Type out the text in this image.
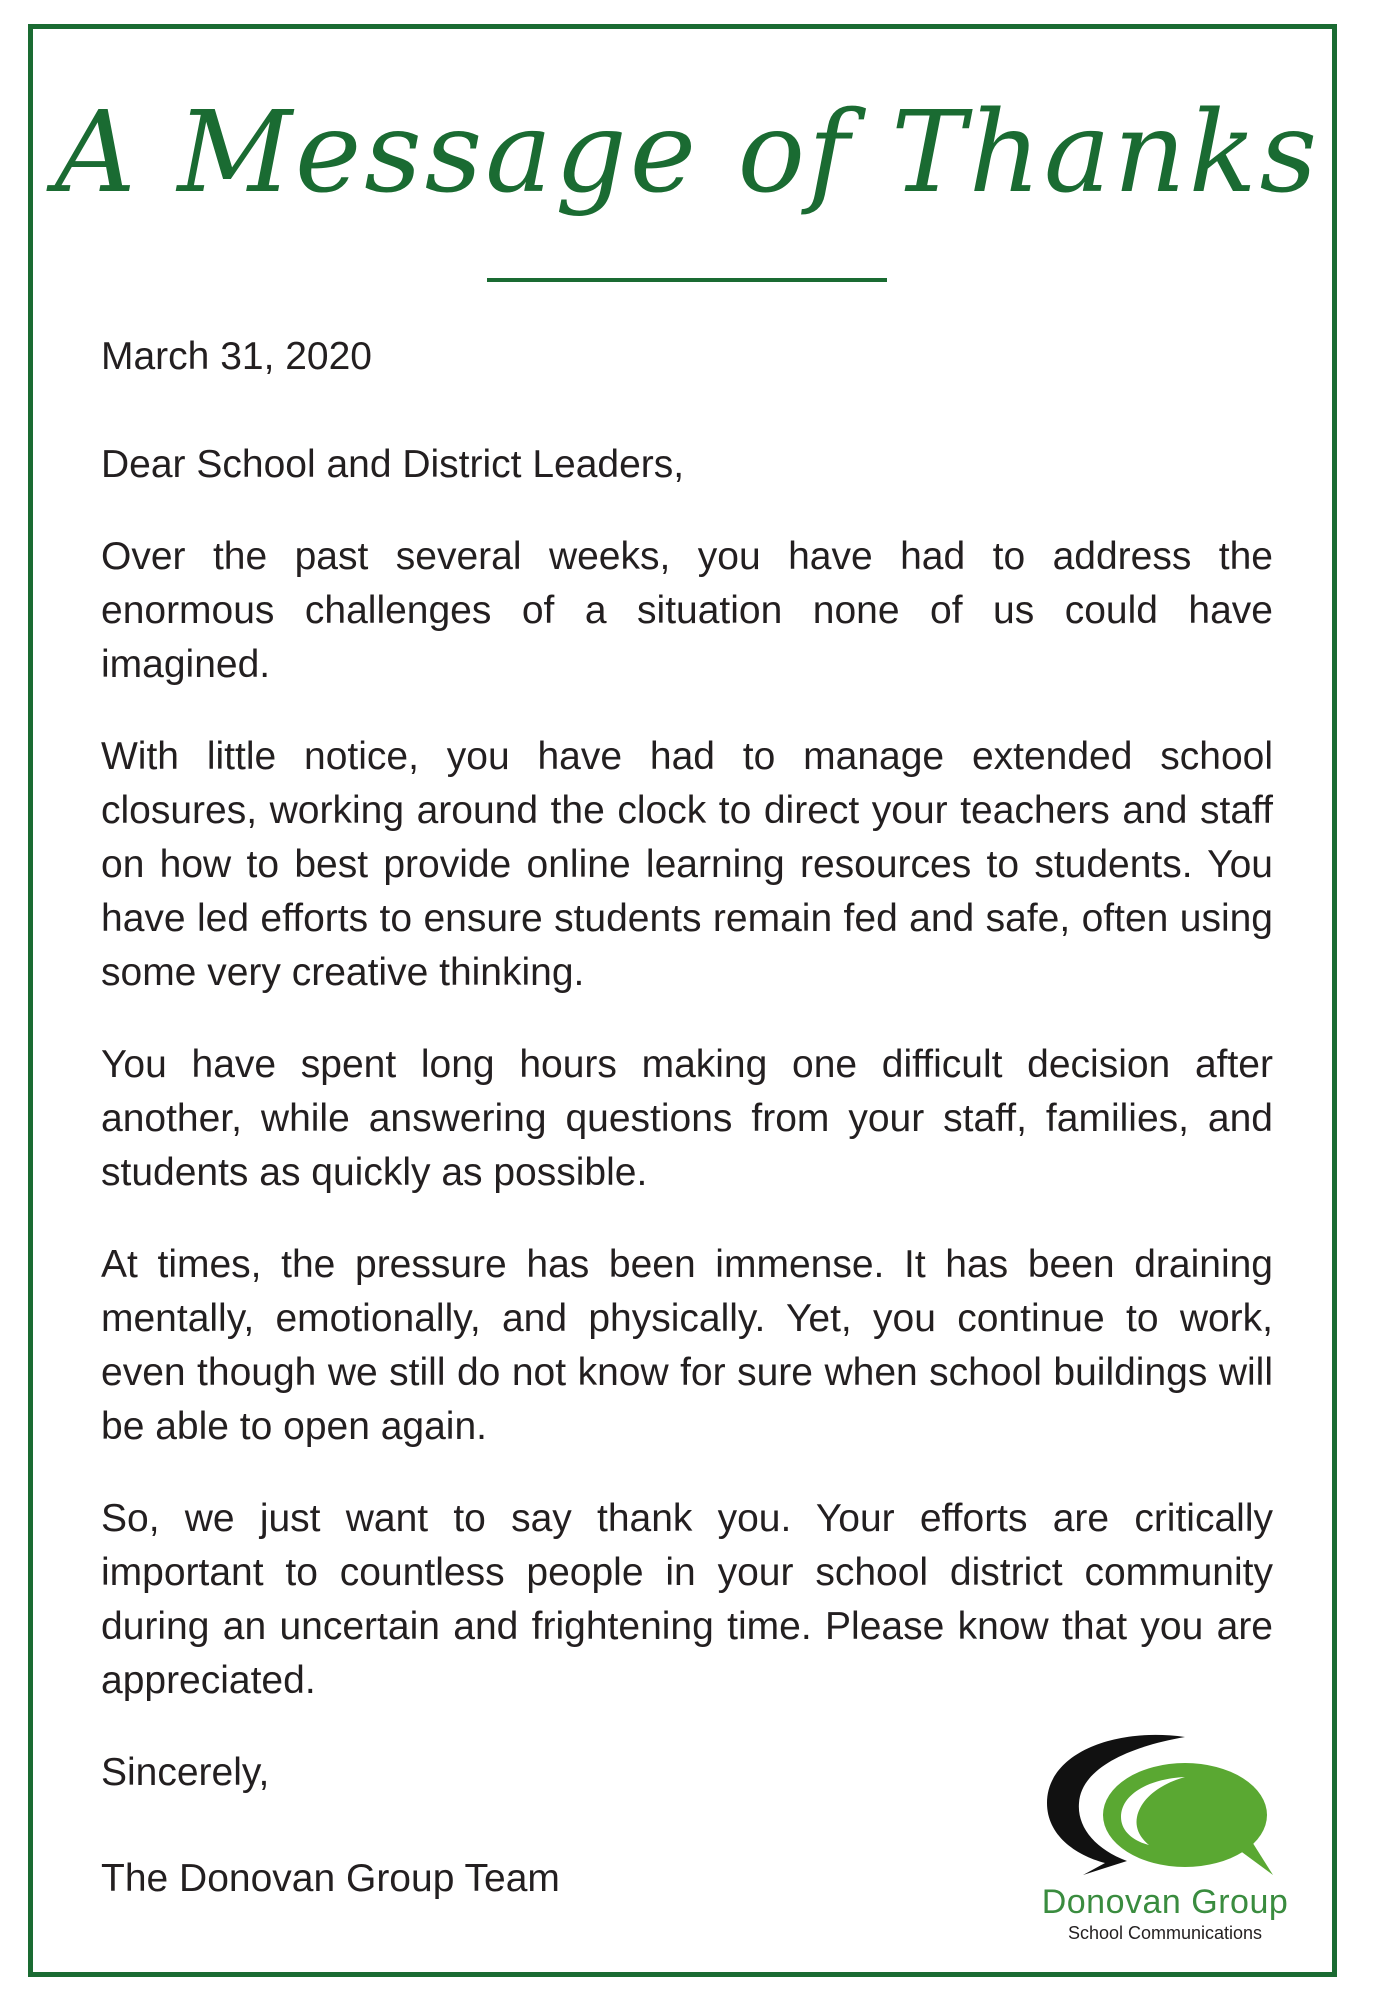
A Message of Thanks

March 31, 2020

Dear School and District Leaders,

Over the past several weeks, you have had to address the enormous challenges of a situation none of us could have imagined.

With little notice, you have had to manage extended school closures, working around the clock to direct your teachers and staff on how to best provide online learning resources to students. You have led efforts to ensure students remain fed and safe, often using some very creative thinking.

You have spent long hours making one difficult decision after another, while answering questions from your staff, families, and students as quickly as possible.

At times, the pressure has been immense. It has been draining mentally, emotionally, and physically. Yet, you continue to work, even though we still do not know for sure when school buildings will be able to open again.

So, we just want to say thank you. Your efforts are critically important to countless people in your school district community during an uncertain and frightening time. Please know that you are appreciated.

Sincerely,

The Donovan Group Team

Donovan Group
School Communications
